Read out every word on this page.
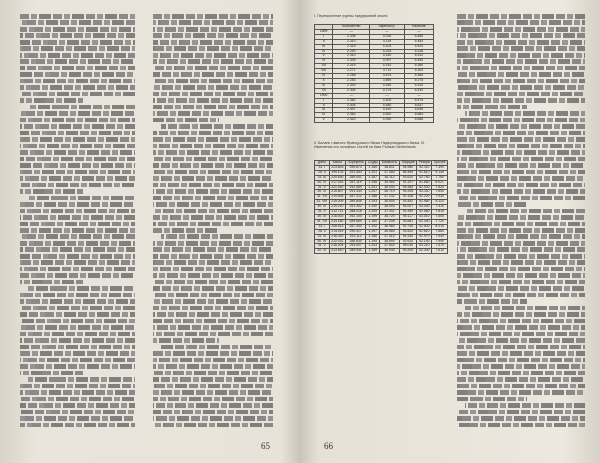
65
I. Перечисление группы предприятий опыта
	Количество	Зарегистр.	Наличие
1899	—	—	—
I	2.308	4.016	5.480
II	2.310	4.115	5.483
III	2.315	4.103	5.420
IV	2.290	4.225	5.318
V	2.310	4.150	5.512
VI	2.305	4.097	5.450
VII	2.319	4.152	5.380
VIII	2.271	3.712	5.300
IX	2.258	3.675	5.365
X	2.283	3.890	5.275
XI	2.300	4.150	5.410
XII	2.304	4.275	5.430
1900	—	—	—
I	2.382	4.400	5.575
II	2.404	4.480	5.637
III	2.447	4.510	5.635
IV	2.462	4.520	5.684
V	2.420	4.390	5.686
II. Баланс главного Французского банка Нидерландского банка, III. Изменения его основных статей на базе Parisian Netherlands
Даты	Касса	Портфель	Ссуды	Банкноты	Текущие	Резерв	Прочее
31. I	223.603	290.874	1.180	36.811	94.980	52.110	7.390
28. II	199.103	291.453	1.201	37.480	86.450	51.810	9.145
31. III	220.630	289.541	1.187	36.112	93.610	52.780	7.780
30. IV	217.431	287.119	1.198	35.980	91.207	51.660	8.021
31. V	221.040	292.580	1.201	38.004	95.360	52.930	7.520
30. VI	215.807	291.334	1.207	36.710	94.205	53.110	7.640
31. VII	219.508	287.212	1.188	37.142	92.108	52.220	7.930
31. VIII	215.009	289.845	1.193	36.604	93.452	51.980	8.110
30. IX	219.210	291.302	1.190	36.903	94.007	53.040	7.410
31. X	212.711	288.018	1.209	37.311	92.390	52.560	7.815
30. XI	218.402	292.104	1.199	36.720	95.117	53.010	7.605
31. XII	214.180	289.660	1.180	37.208	93.881	52.440	7.720
31. I	208.513	287.340	1.192	36.980	92.740	51.830	8.010
28. II	214.019	290.417	1.197	36.560	93.520	52.610	7.880
31. III	216.320	291.112	1.186	37.410	94.330	52.970	7.540
30. IV	212.031	288.830	1.194	36.890	92.610	52.140	7.990
31. V	218.204	293.007	1.203	37.602	95.010	53.210	7.470
30. VI	213.810	289.541	1.189	36.930	93.205	52.300	7.810
66
